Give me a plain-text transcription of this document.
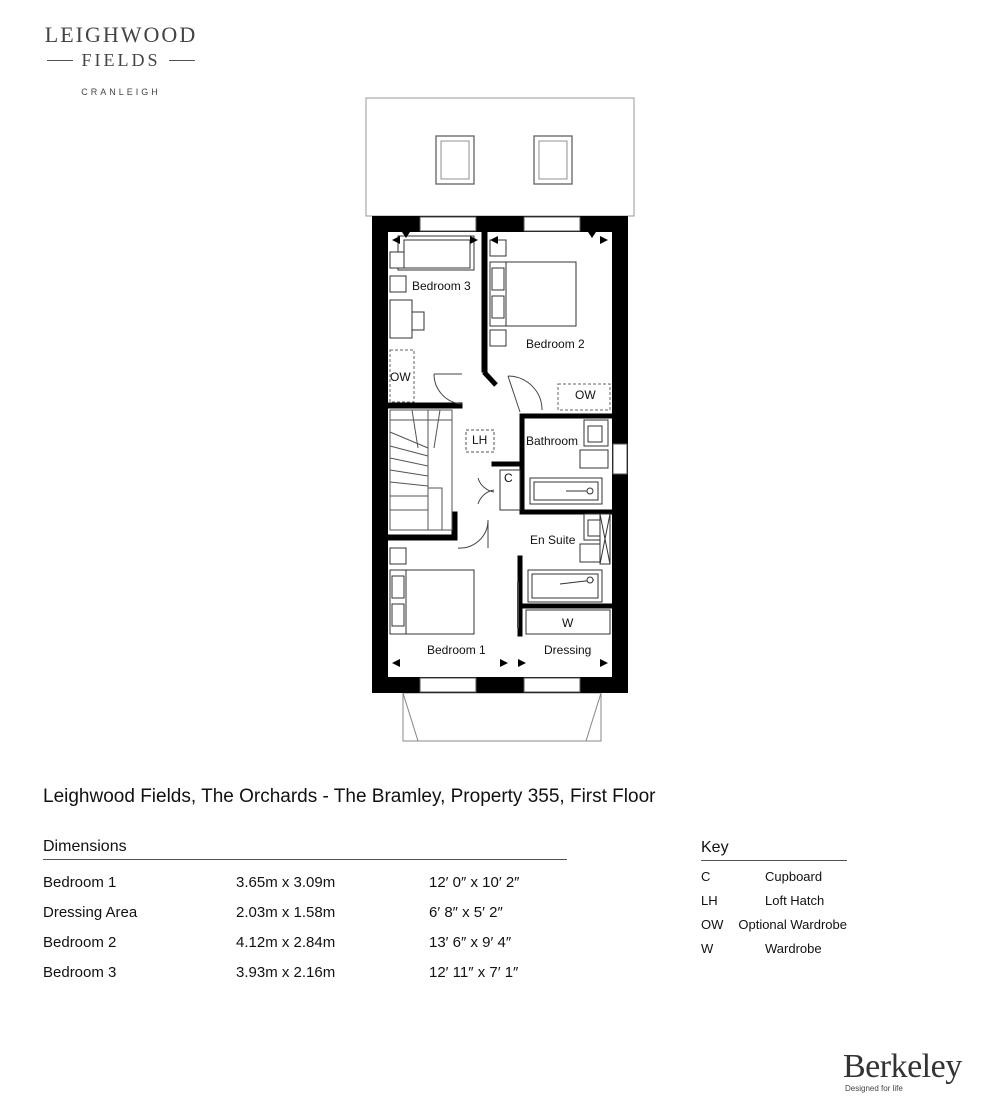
LEIGHWOOD
FIELDS
CRANLEIGH
Bedroom 3
Bedroom 2
OW
OW
LH	Bathroom
C
En Suite
W
Bedroom 1	Dressing
Leighwood Fields, The Orchards - The Bramley, Property 355, First Floor
Dimensions
Bedroom 1	3.65m x 3.09m	12′ 0″ x 10′ 2″
Dressing Area	2.03m x 1.58m	6′ 8″ x 5′ 2″
Bedroom 2	4.12m x 2.84m	13′ 6″ x 9′ 4″
Bedroom 3	3.93m x 2.16m	12′ 11″ x 7′ 1″
Key
C	Cupboard
LH	Loft Hatch
OW	Optional Wardrobe
W	Wardrobe
Berkeley
Designed for life
